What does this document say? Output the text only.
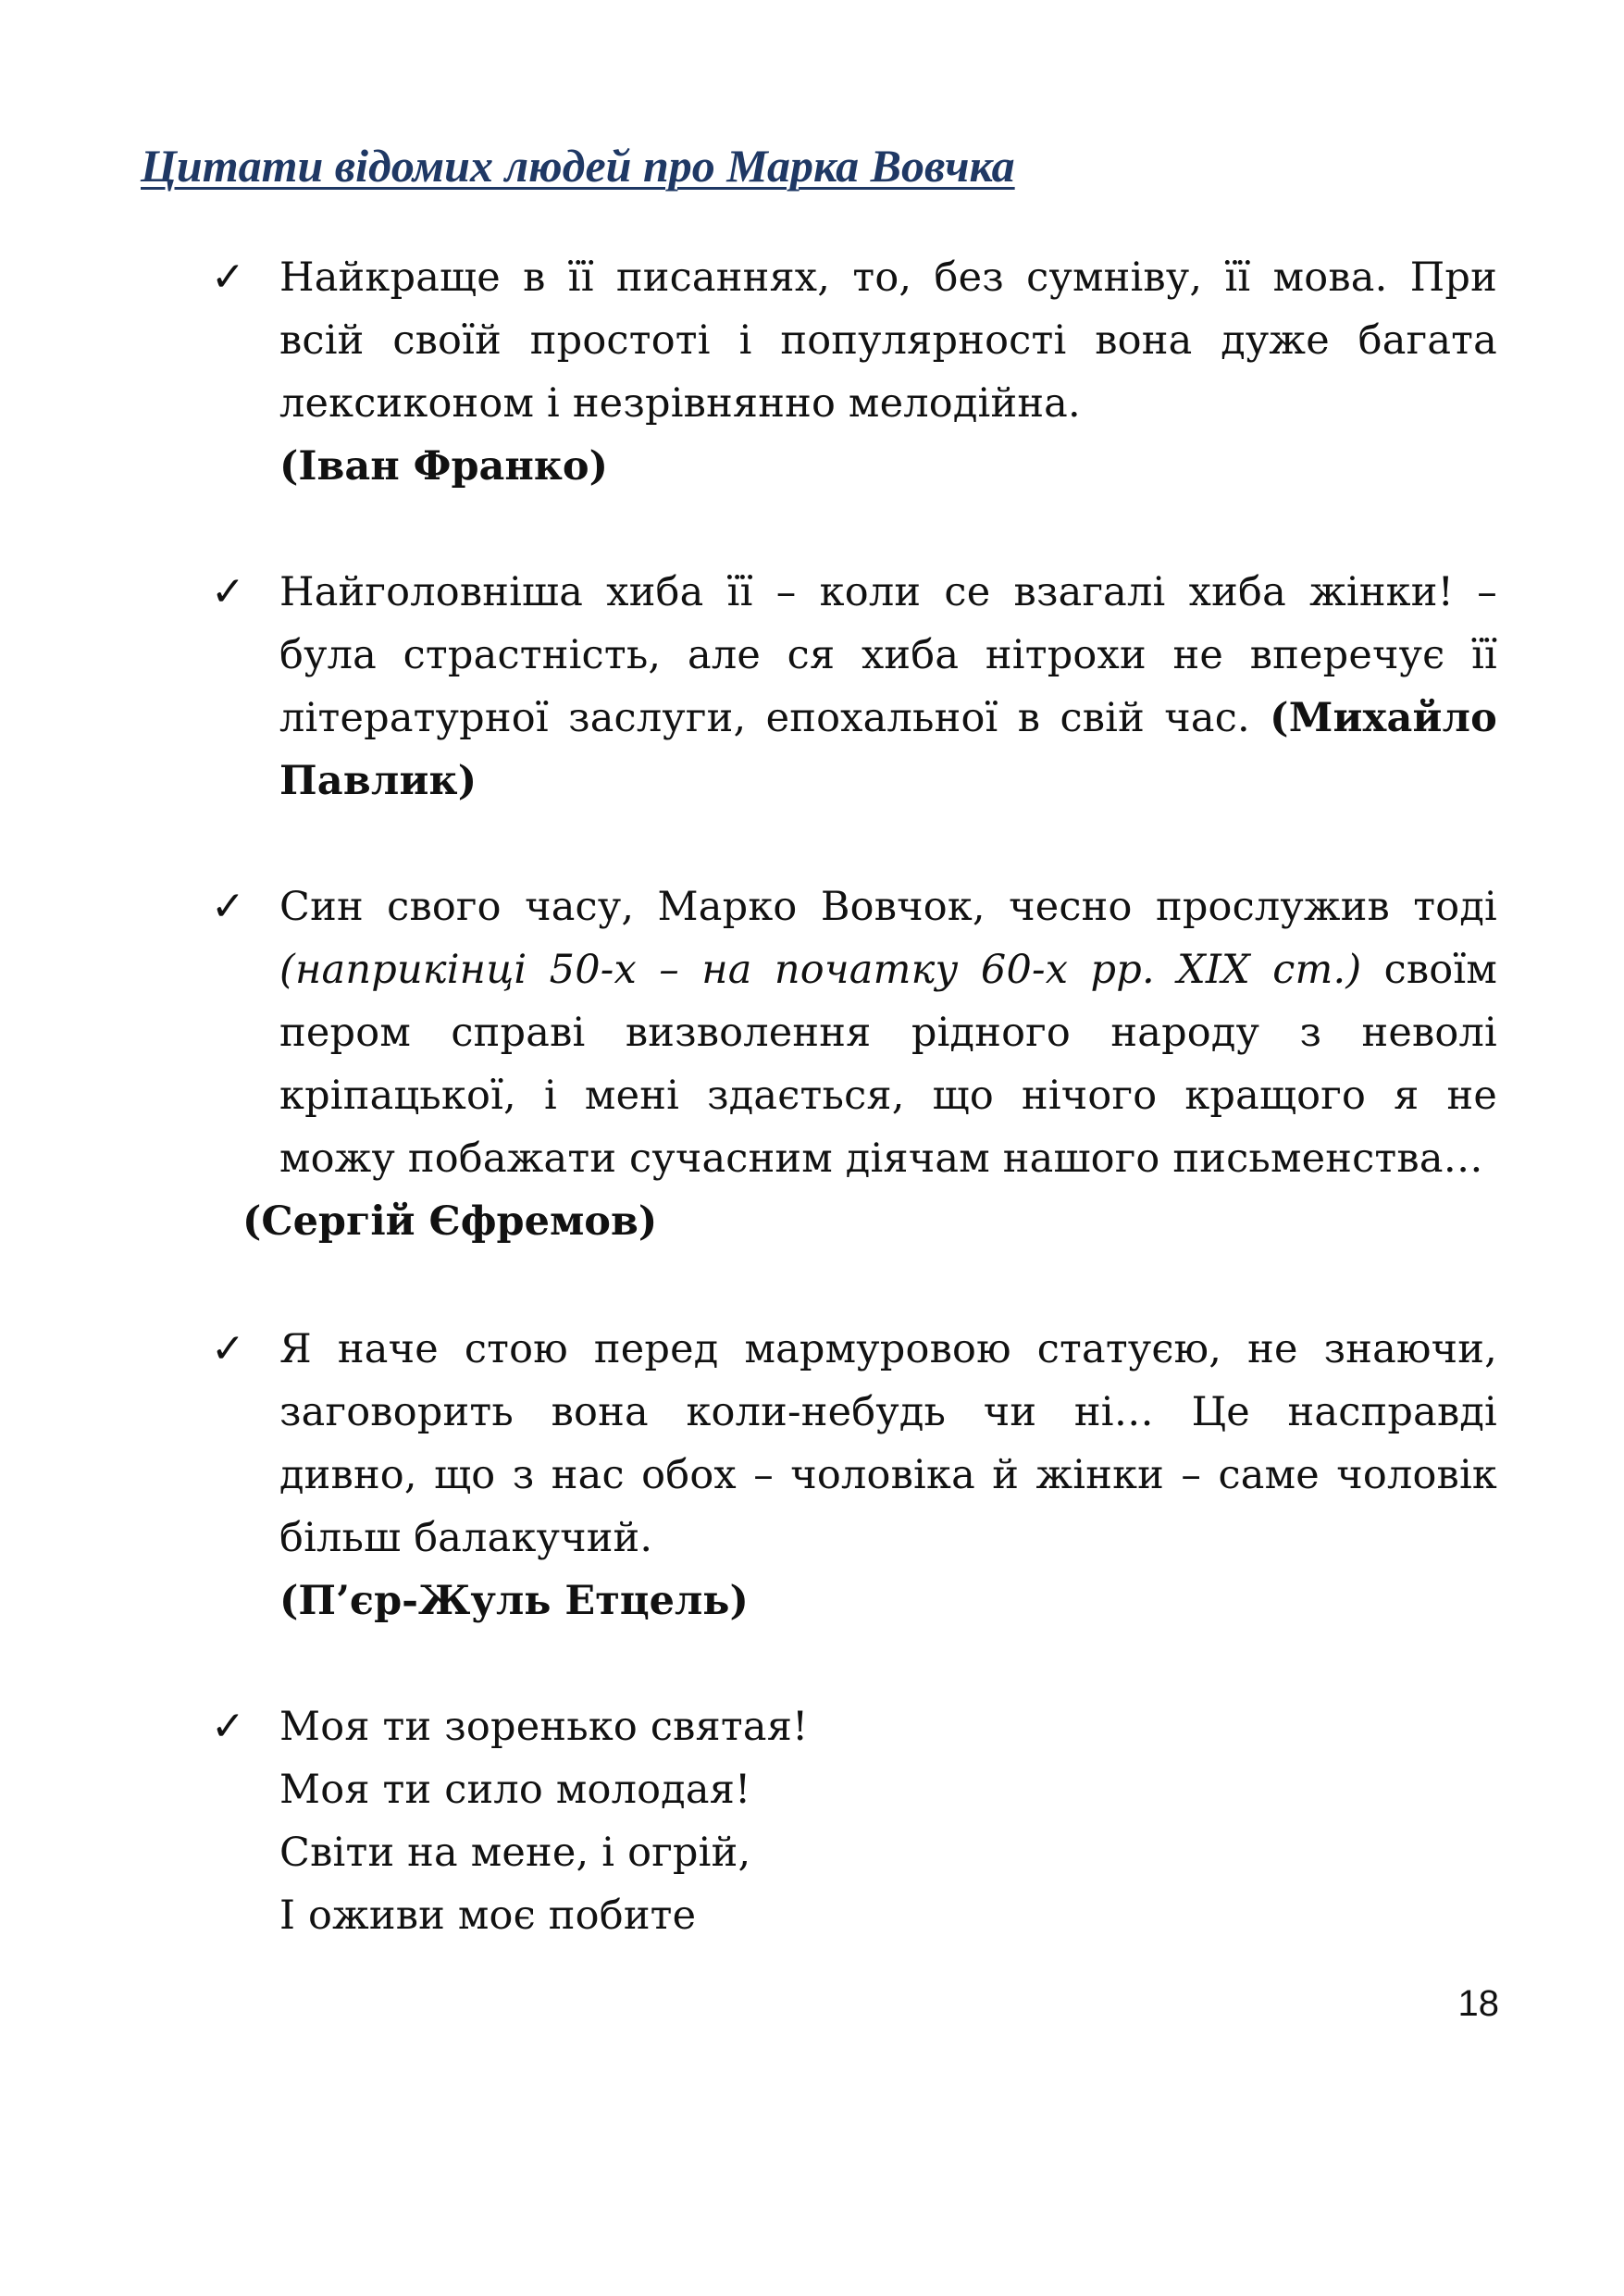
Цитати відомих людей про Марка Вовчка
✓ Найкраще в її писаннях, то, без сумніву, її мова. При всій своїй простоті і популярності вона дуже багата лексиконом і незрівнянно мелодійна.
(Іван Франко)
✓ Найголовніша хиба її – коли се взагалі хиба жінки! – була страстність, але ся хиба нітрохи не вперечує її літературної заслуги, епохальної в свій час. (Михайло Павлик)
✓ Син свого часу, Марко Вовчок, чесно прослужив тоді (наприкінці 50-х – на початку 60-х рр. ХІХ ст.) своїм пером справі визволення рідного народу з неволі кріпацької, і мені здається, що нічого кращого я не можу побажати сучасним діячам нашого письменства…
(Сергій Єфремов)
✓ Я наче стою перед мармуровою статуєю, не знаючи, заговорить вона коли-небудь чи ні… Це насправді дивно, що з нас обох – чоловіка й жінки – саме чоловік більш балакучий.
(П’єр-Жуль Етцель)
✓ Моя ти зоренько святая!
Моя ти сило молодая!
Світи на мене, і огрій,
І оживи моє побите
18
